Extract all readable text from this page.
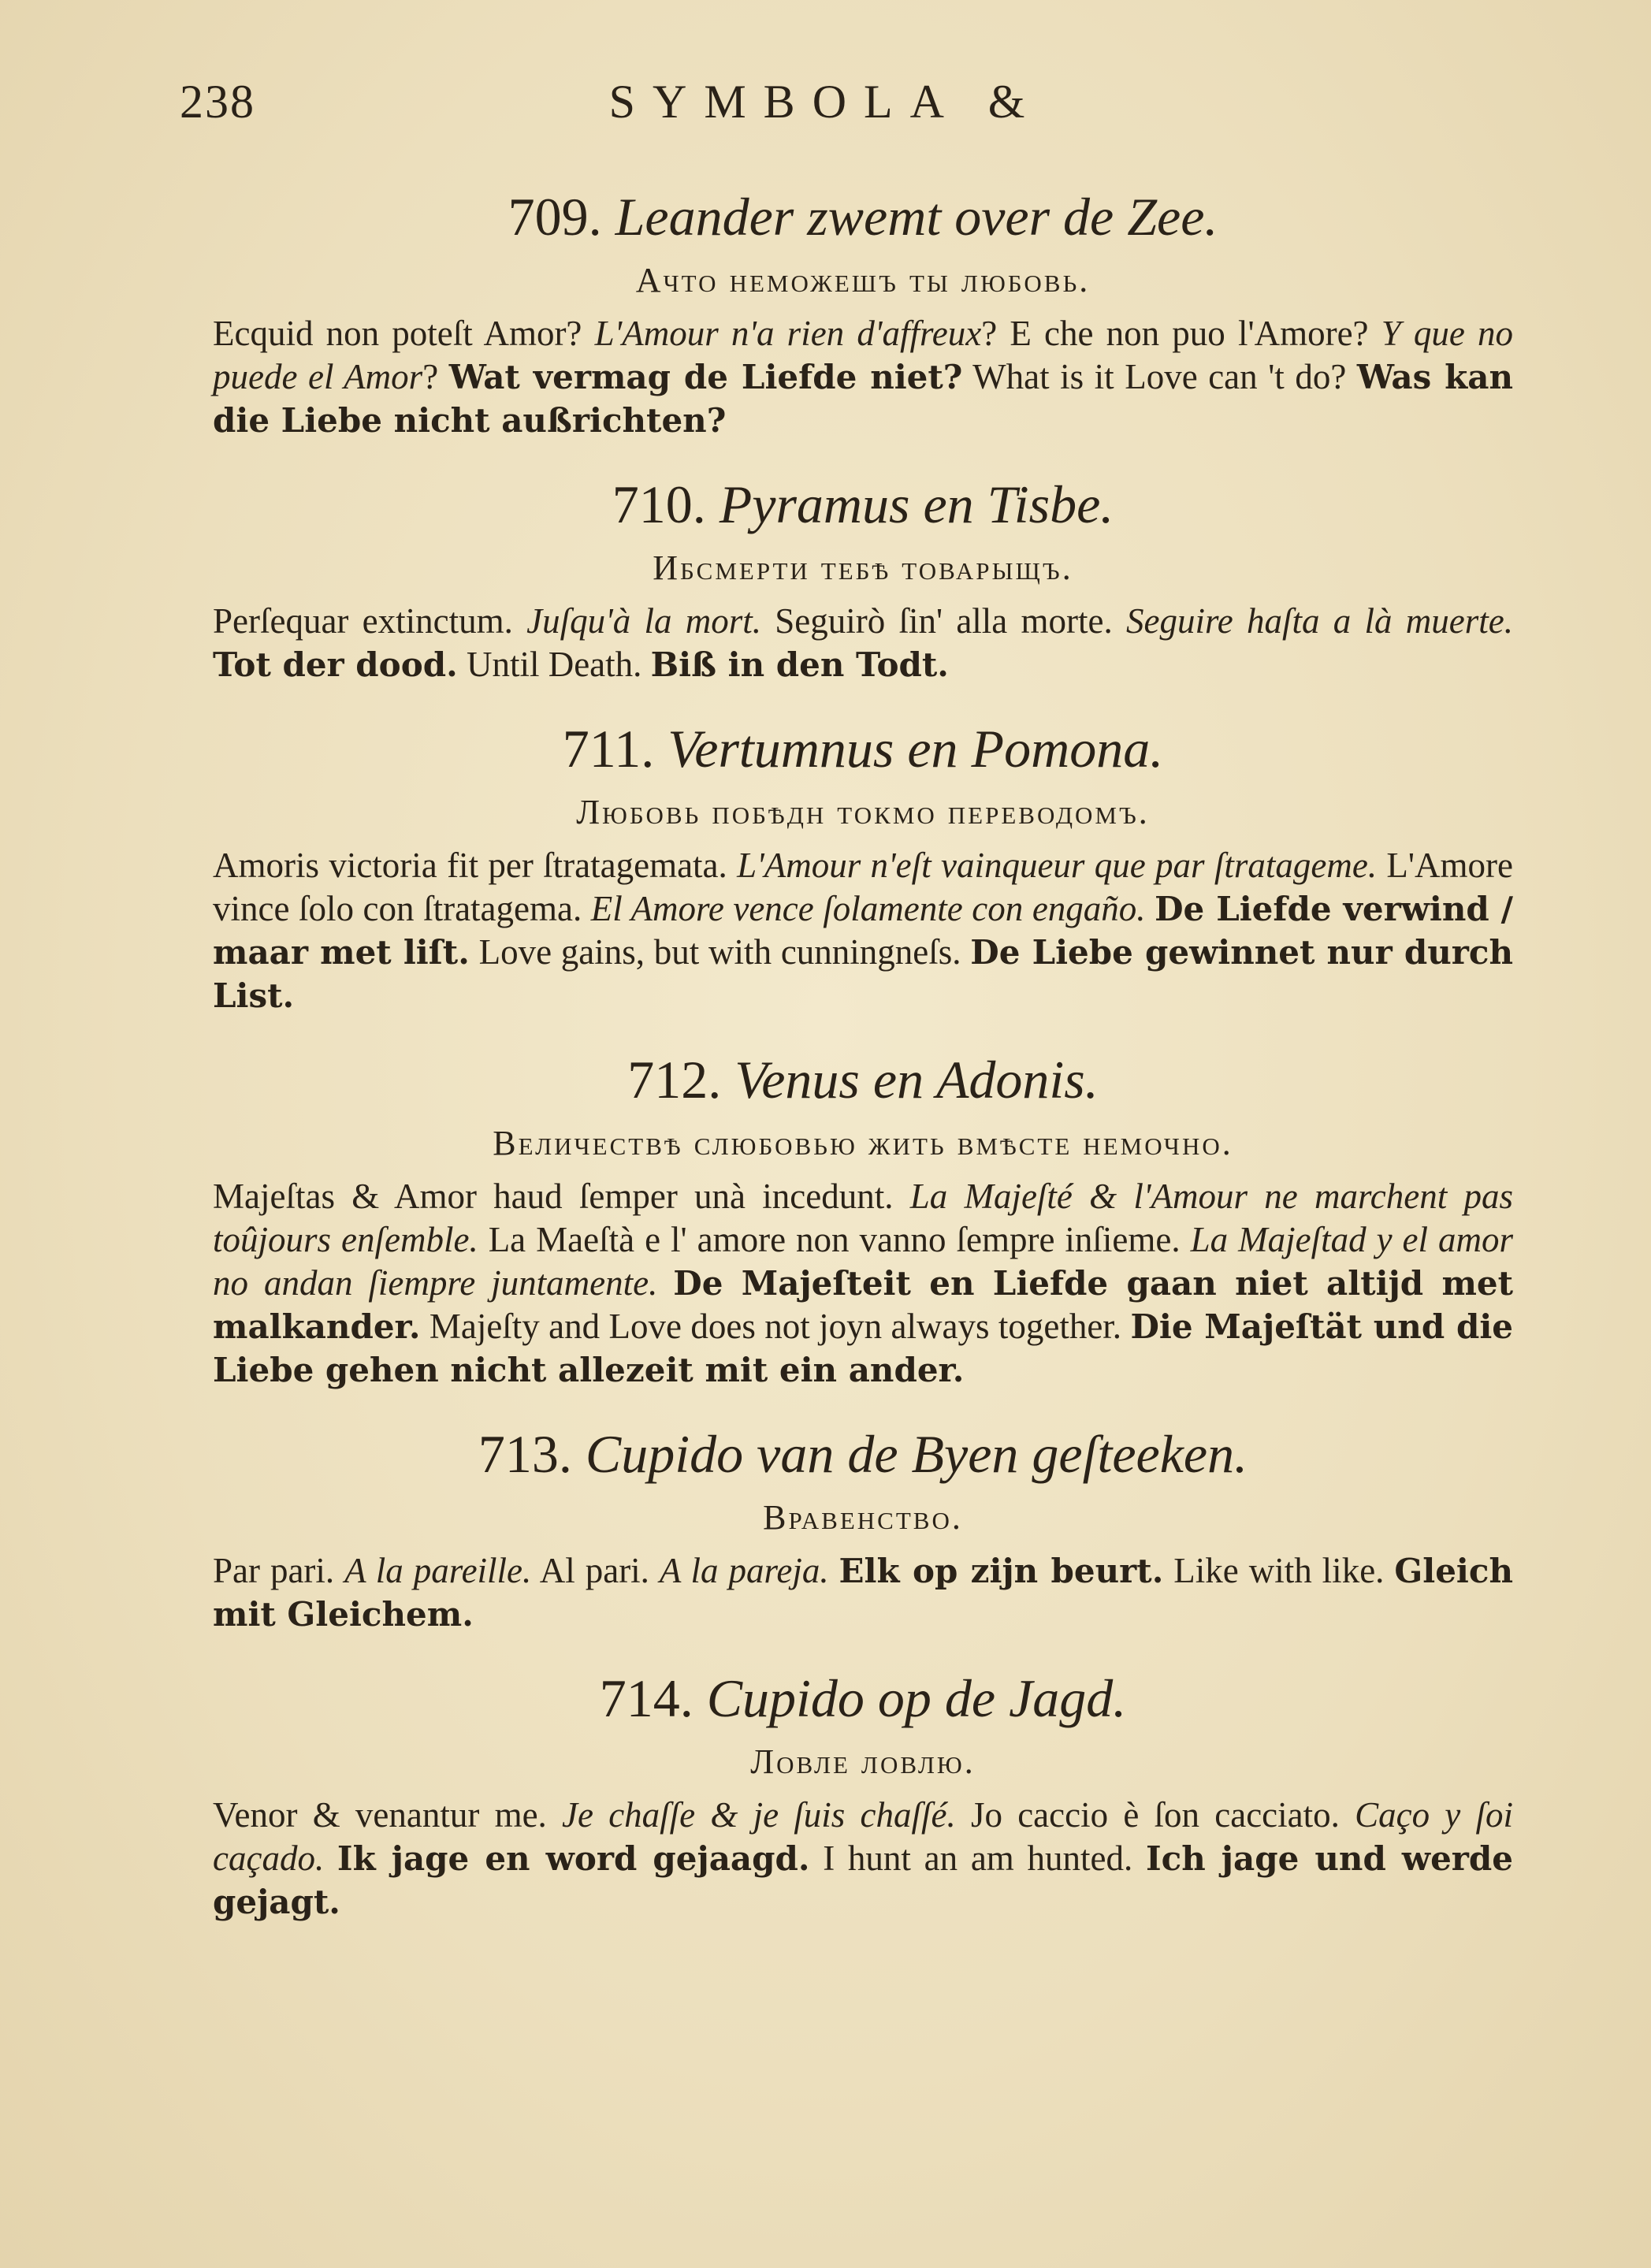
238	SYMBOLA &
709. Leander zwemt over de Zee.
Ачто неможешъ ты любовь.

Ecquid non poteſt Amor? L'Amour n'a rien d'affreux? E che non puo l'Amore? Y que no puede el Amor? Wat vermag de Liefde niet? What is it Love can 't do? Was kan die Liebe nicht außrichten?

710. Pyramus en Tisbe.
Ибсмерти тебѣ товарыщъ.

Perſequar extinctum. Juſqu'à la mort. Seguirò ſin' alla morte. Seguire haſta a là muerte. Tot der dood. Until Death. Biß in den Todt.

711. Vertumnus en Pomona.
Любовь побѣдн токмо переводомъ.

Amoris victoria fit per ſtratagemata. L'Amour n'eſt vainqueur que par ſtratageme. L'Amore vince ſolo con ſtratagema. El Amore vence ſolamente con engaño. De Liefde verwind / maar met liſt. Love gains, but with cunningneſs. De Liebe gewinnet nur durch List.

712. Venus en Adonis.
Величествѣ слюбовью жить вмѣсте немочно.

Majeſtas & Amor haud ſemper unà incedunt. La Majeſté & l'Amour ne marchent pas toûjours enſemble. La Maeſtà e l' amore non vanno ſempre inſieme. La Majeſtad y el amor no andan ſiempre juntamente. De Majeſteit en Liefde gaan niet altijd met malkander. Majeſty and Love does not joyn always together. Die Majeſtät und die Liebe gehen nicht allezeit mit ein ander.

713. Cupido van de Byen geſteeken.
Bравенство.

Par pari. A la pareille. Al pari. A la pareja. Elk op zijn beurt. Like with like. Gleich mit Gleichem.

714. Cupido op de Jagd.
Ловле ловлю.

Venor & venantur me. Je chaſſe & je ſuis chaſſé. Jo caccio è ſon cacciato. Caço y ſoi caçado. Ik jage en word gejaagd. I hunt an am hunted. Ich jage und werde gejagt.
